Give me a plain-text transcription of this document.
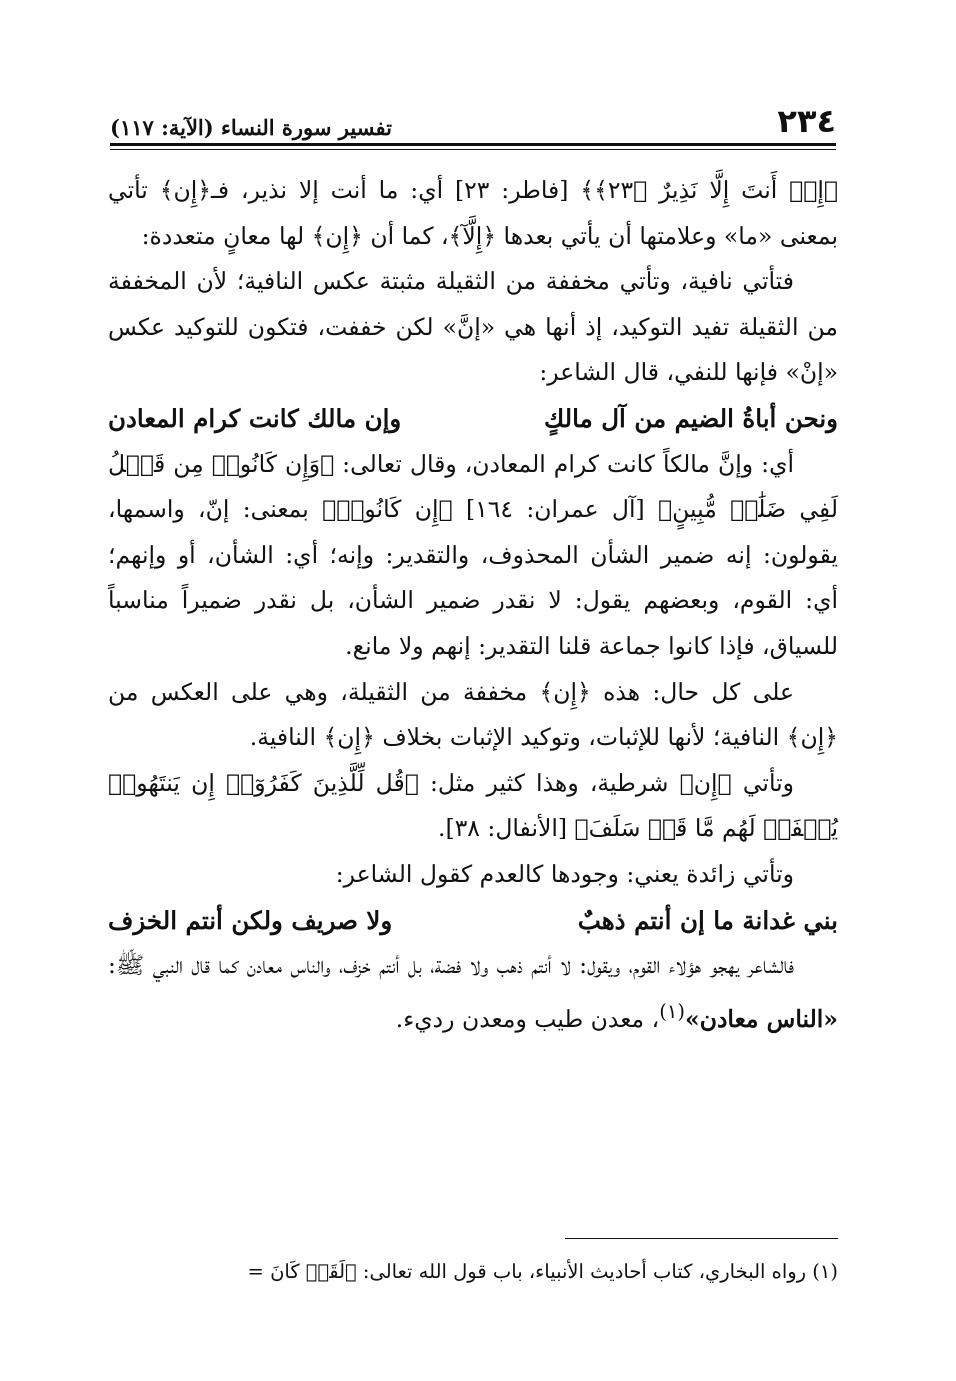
٢٣٤
تفسير سورة النساء (الآية: ١١٧)

﴿إِنۡ أَنتَ إِلَّا نَذِيرٌ ﴿٢٣﴾﴾ [فاطر: ٢٣] أي: ما أنت إلا نذير، فـ﴿إِن﴾ تأتي بمعنى «ما» وعلامتها أن يأتي بعدها ﴿إِلَّآ﴾، كما أن ﴿إِن﴾ لها معانٍ متعددة:

فتأتي نافية، وتأتي مخففة من الثقيلة مثبتة عكس النافية؛ لأن المخففة من الثقيلة تفيد التوكيد، إذ أنها هي «إنَّ» لكن خففت، فتكون للتوكيد عكس «إنْ» فإنها للنفي، قال الشاعر:

ونحن أباةُ الضيم من آل مالكٍ
وإن مالك كانت كرام المعادن

أي: وإنَّ مالكاً كانت كرام المعادن، وقال تعالى: ﴿وَإِن كَانُوا۟ مِن قَبۡلُ لَفِي ضَلَٰلٖ مُّبِينٍ﴾ [آل عمران: ١٦٤] ﴿إِن كَانُوا۟﴾ بمعنى: إنّ، واسمها، يقولون: إنه ضمير الشأن المحذوف، والتقدير: وإنه؛ أي: الشأن، أو وإنهم؛ أي: القوم، وبعضهم يقول: لا نقدر ضمير الشأن، بل نقدر ضميراً مناسباً للسياق، فإذا كانوا جماعة قلنا التقدير: إنهم ولا مانع.

على كل حال: هذه ﴿إِن﴾ مخففة من الثقيلة، وهي على العكس من ﴿إِن﴾ النافية؛ لأنها للإثبات، وتوكيد الإثبات بخلاف ﴿إِن﴾ النافية.

وتأتي ﴿إِن﴾ شرطية، وهذا كثير مثل: ﴿قُل لِّلَّذِينَ كَفَرُوٓا۟ إِن يَنتَهُوا۟ يُغۡفَرۡ لَهُم مَّا قَدۡ سَلَفَ﴾ [الأنفال: ٣٨].

وتأتي زائدة يعني: وجودها كالعدم كقول الشاعر:

بني غدانة ما إن أنتم ذهبٌ
ولا صريف ولكن أنتم الخزف

فالشاعر يهجو هؤلاء القوم، ويقول: لا أنتم ذهب ولا فضة، بل أنتم خزف، والناس معادن كما قال النبي ﷺ: «الناس معادن»$^{(١)}$، معدن طيب ومعدن رديء.

(١) رواه البخاري، كتاب أحاديث الأنبياء، باب قول الله تعالى: ﴿لَقَدۡ كَانَ =
